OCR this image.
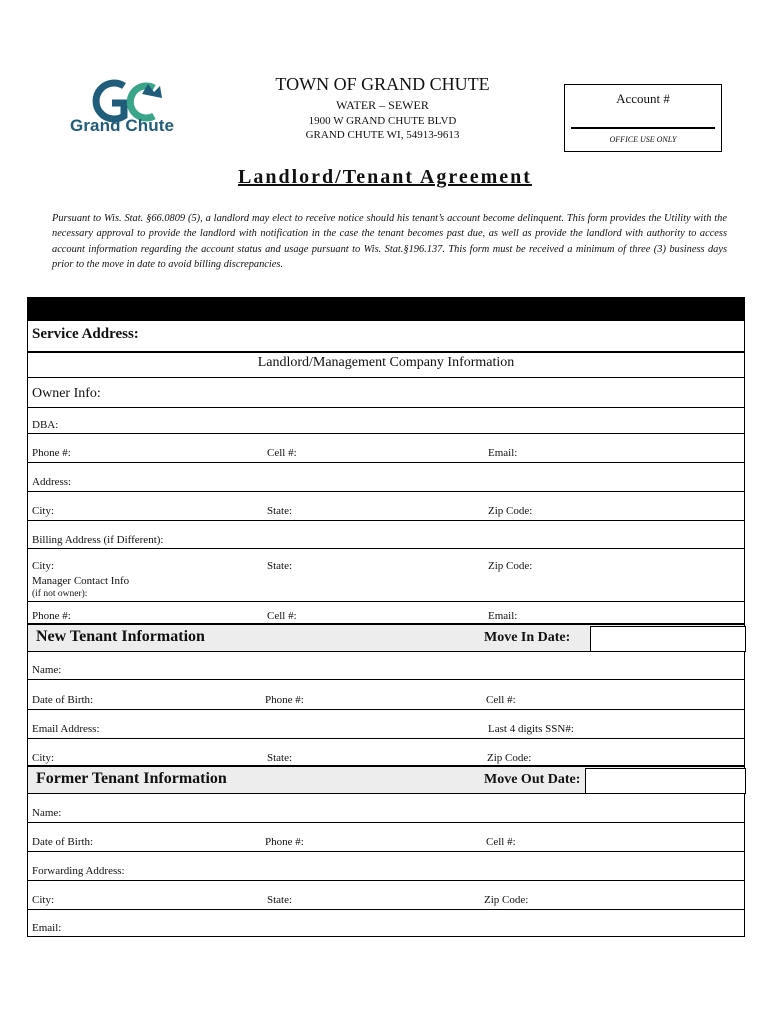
Grand Chute
TOWN OF GRAND CHUTE
WATER – SEWER
1900 W GRAND CHUTE BLVD
GRAND CHUTE WI, 54913-9613
Account #
OFFICE USE ONLY
Landlord/Tenant Agreement
Pursuant to Wis. Stat. §66.0809 (5), a landlord may elect to receive notice should his tenant’s account become delinquent. This form provides the Utility with the necessary approval to provide the landlord with notification in the case the tenant becomes past due, as well as provide the landlord with authority to access account information regarding the account status and usage pursuant to Wis. Stat.§196.137. This form must be received a minimum of three (3) business days prior to the move in date to avoid billing discrepancies.
Service Address:
Landlord/Management Company Information
Owner Info:
DBA:
Phone #:	Cell #:	Email:
Address:
City:	State:	Zip Code:
Billing Address (if Different):
City:	State:	Zip Code:
Manager Contact Info
(if not owner):
Phone #:	Cell #:	Email:
New Tenant Information	Move In Date:
Name:
Date of Birth:	Phone #:	Cell #:
Email Address:	Last 4 digits SSN#:
City:	State:	Zip Code:
Former Tenant Information	Move Out Date:
Name:
Date of Birth:	Phone #:	Cell #:
Forwarding Address:
City:	State:	Zip Code:
Email:
